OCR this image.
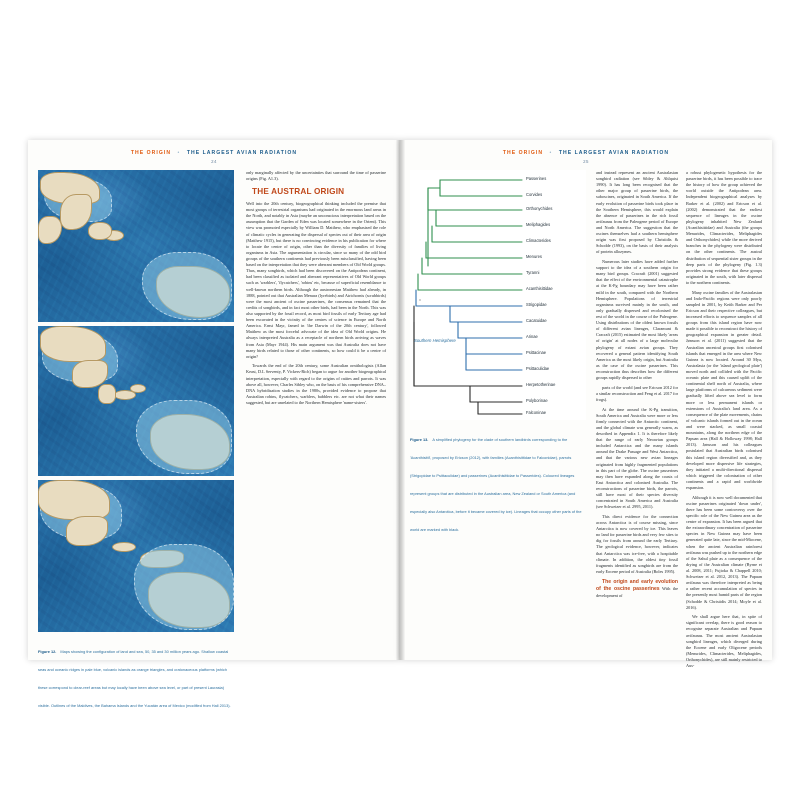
THE ORIGIN • THE LARGEST AVIAN RADIATION
24
Figure 12. Maps showing the configuration of land and sea, 50, 35 and 30 million years ago. Shallow coastal seas and oceanic ridges in pale blue, volcanic islands as orange triangles, and cratonaceous platforms (which these correspond to clear-reef areas but may locally have been above sea level, or part of present Laurasia) visible. Outlines of the Maldives, the Bahama Islands and the Yucatán area of Mexico (modified from Hall 2013).

only marginally affected by the uncertainties that surround the time of passerine origins (Fig. A1.3).

THE AUSTRAL ORIGIN

Well into the 20th century, biogeographical thinking included the premise that most groups of terrestrial organisms had originated in the enormous land areas in the North, and notably in Asia (maybe an unconscious interpretation based on the assumption that the Garden of Eden was located somewhere in the Orient). This view was promoted especially by William D. Matthew, who emphasised the role of climatic cycles in generating the dispersal of species out of their area of origin (Matthew 1915), but there is no convincing evidence in his publication for where to locate the centre of origin, other than the diversity of families of living organisms in Asia. The argumentation is circular, since so many of the odd bird groups of the southern continents had previously been misclassified, having been based on the interpretation that they were aberrant members of Old World groups. Thus, many songbirds, which had been discovered on the Antipodean continent, had been classified as isolated and aberrant representatives of Old World groups such as 'warblers', 'flycatchers', 'robins' etc, because of superficial resemblance to well-known northern birds. Although the austronesian Matthew had already, in 1888, pointed out that Australian Menura (lyrebirds) and Atrichornis (scrubbirds) were the most ancient of oscine passerines, the consensus remained that the credits of songbirds, and in fact most other birds, had been in the North. This was also supported by the fossil record, as most bird fossils of early Tertiary age had been excavated in the vicinity of the centres of science in Europe and North America. Ernst Mayr, famed in 'the Darwin of the 20th century', followed Matthew as the most forceful advocate of the idea of Old World origins. He always interpreted Australia as a receptacle of northern birds arriving as waves from Asia (Mayr 1944). His main argument was that Australia does not have many birds related to those of other continents, so how could it be a centre of origin?

Towards the end of the 20th century, some Australian ornithologists (Allan Keast, D.L Serventy, P. Vickers-Rich) began to argue for another biogeographical interpretation, especially with regard to the origins of ratites and parrots. It was above all, however, Charles Sibley who, on the basis of his comprehensive DNA–DNA hybridisation studies in the 1980s, provided evidence to propose that Australian robins, flycatchers, warblers, babblers etc. are not what their names suggested, but are unrelated to the Northern Hemisphere 'name-sisters'.

THE ORIGIN • THE LARGEST AVIAN RADIATION
25
Southern Hemisphere
Passerines
Corvides
Orthonychides
Meliphagides
Climacterides
Menures
Tyranni
Acanthisittidae
Strigopidae
Cacatuidae
Arinae
Psittacinae
Psittaculidae
Herpetotherinae
Polyborinae
Falconinae
Figure 13. A simplified phylogeny for the clade of southern landbirds corresponding to the 'Acanthisitti', proposed by Ericson (2012), with families (Acanthisittidae to Falconidae), parrots (Strigopidae to Psittaculidae) and passerines (Acanthisittidae to Passerides). Coloured lineages represent groups that are distributed in the Australian area, New Zealand or South America (and especially also Antarctica, before it became covered by ice). Lineages that occupy other parts of the world are marked with black.

and instead represent an ancient Australasian songbird radiation (see Sibley & Ahlquist 1990). It has long been recognised that the other major group of passerine birds, the suboscines, originated in South America. If the early evolution of passerine birds took place in the Southern Hemisphere, this would explain the absence of passerines in the rich fossil avifaunas from the Paleogene period of Europe and North America. The suggestion that the oscines themselves had a southern hemisphere origin was first proposed by Christidis & Schodde (1993), on the basis of their analysis of protein allozymes.

Numerous later studies have added further support to the idea of a southern origin for many bird groups. Cracraft (2001) suggested that the effect of the environmental catastrophe at the K-Pg boundary may have been rather mild in the south, compared with the Northern Hemisphere. Populations of terrestrial organisms survived mainly in the south, and only gradually dispersed and recolonised the rest of the world in the course of the Paleogene. Using distributions of the oldest known fossils of different avian lineages, Claramunt & Cracraft (2015) estimated the most likely 'areas of origin' at all nodes of a large molecular phylogeny of extant avian groups. They recovered a general pattern identifying South America as the most likely origin, but Australia as the case of the oscine passerines. This reconstruction thus describes how the different groups rapidly dispersed to other

parts of the world (and see Ericson 2012 for a similar reconstruction and Feng et al. 2017 for frogs).

At the time around the K-Pg transition, South America and Australia were more or less firmly connected with the Antarctic continent, and the global climate was generally warm, as described in Appendix 1. It is therefore likely that the range of early Neoavian groups included Antarctica and the many islands around the Drake Passage and West Antarctica, and that the various new avian lineages originated from highly fragmented populations in this part of the globe. The oscine passerines may then have expanded along the coasts of East Antarctica and colonised Australia. The reconstructions of passerine birds, the parrots, still have most of their species diversity concentrated in South America and Australia (see Schweizer et al. 2995, 2011).

This direct evidence for the connection across Antarctica is of course missing, since Antarctica is now covered by ice. This leaves no land for passerine birds and very few sites to dig for fossils from around the early Tertiary. The geological evidence, however, indicates that Antarctica was ice-free, with a hospitable climate. In addition, the oldest tiny fossil fragments identified as songbirds are from the early Eocene period of Australia (Boles 1995).

The origin and early evolution of the oscine passerines With the development of

a robust phylogenetic hypothesis for the passerine birds, it has been possible to trace the history of how the group achieved the world outside the Antipodean area. Independent biogeographical analyses by Barker et al. (2002) and Ericson et al. (2002) demonstrated that the earliest sequence of lineages in the oscine phylogeny inhabited New Zealand (Acanthisittidae) and Australia (the groups Menurides, Climacterides, Meliphagides and Orthonychides) while the more derived branches in the phylogeny were distributed on the other continents. The austral distribution of sequential sister groups in the deep parts of the phylogeny (Fig. 1.3) provides strong evidence that these groups originated in the south, with later dispersal to the northern continents.

Many oscine families of the Australasian and Indo-Pacific regions were only poorly sampled in 2001, by Keith Barker and Per Ericson and their respective colleagues, but increased efforts to sequence samples of all groups from this island region have now made it possible to reconstruct the history of geographical expansion in greater detail. Jønsson et al. (2011) suggested that the Australian ancestral groups first colonised islands that emerged in the area where New Guinea is now located. Around 30 Mya, Australasia (or the 'island geological plate') moved north and collided with the Pacific oceanic plate and this caused uplift of the continental shelf north of Australia, where large platforms of calcareous sediment were gradually lifted above sea level to form more or less permanent islands or extensions of Australia's land area. As a consequence of the plate movements, chains of volcanic islands formed out in the ocean and were stacked, as small coastal mountains, along the northern edge of the Papuan area (Hall & Holloway 1998; Hall 2013). Jønsson and his colleagues postulated that Australian birds colonised this island region diversified and, as they developed more dispersive life strategies, they initiated a multi-directional dispersal which triggered the colonisation of other continents and a rapid and worldwide expansion.

Although it is now well documented that oscine passerines originated 'down under', there has been some controversy over the specific role of the New Guinea area as the centre of expansion. It has been argued that the extraordinary concentration of passerine species in New Guinea may have been generated quite late, since the mid-Miocene, when the ancient Australian rainforest avifauna was pushed up to the northern edge of the Sahul plate as a consequence of the drying of the Australian climate (Byrne et al. 2008, 2011; Fujioka & Chappell 2010; Schweizer et al. 2012, 2013). The Papuan avifauna was therefore interpreted as being a rather recent accumulation of species in the presently most humid parts of the region (Schodde & Christidis 2014; Moyle et al. 2016).

We shall argue here that, in spite of significant overlap, there is good reason to recognise separate Australian and Papuan avifaunas. The most ancient Australasian songbird lineages, which diverged during the Eocene and early Oligocene periods (Menurides, Climacterides, Meliphagides, Orthonychides), are still mainly restricted to Aus-
